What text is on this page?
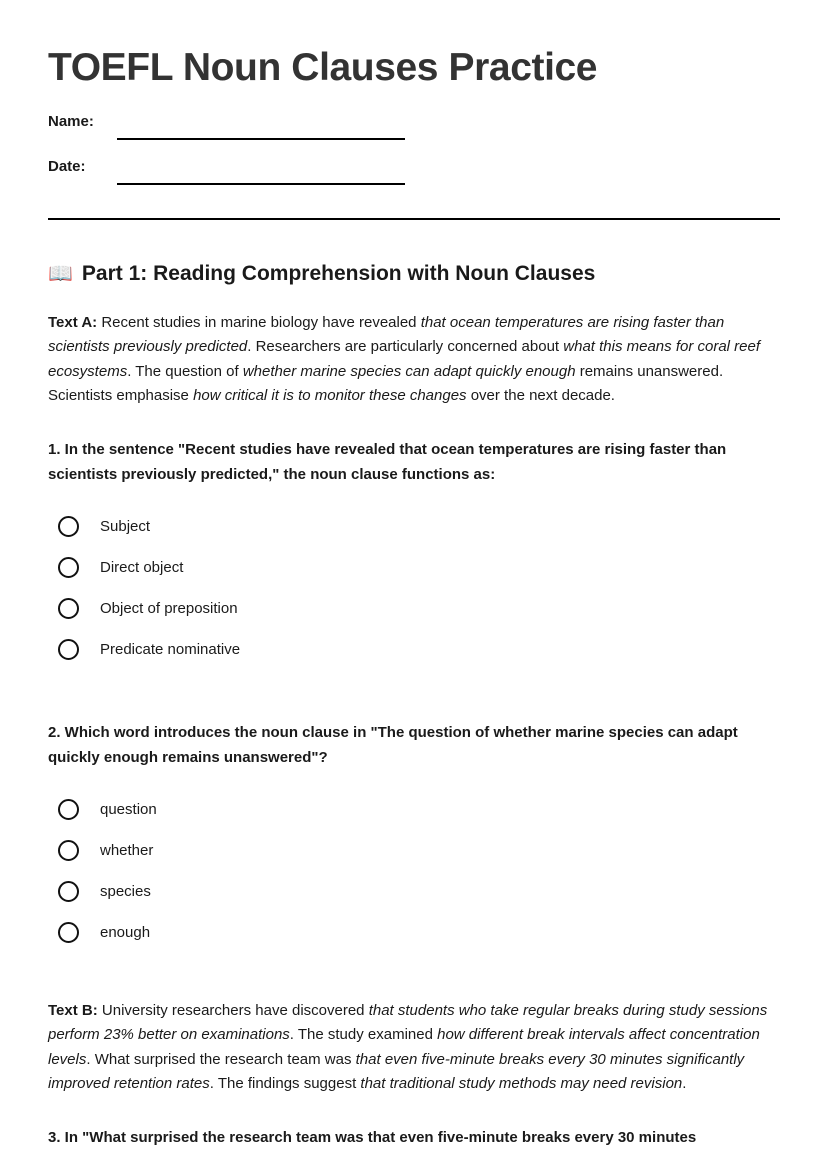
TOEFL Noun Clauses Practice
Name:
Date:
📖 Part 1: Reading Comprehension with Noun Clauses

Text A: Recent studies in marine biology have revealed that ocean temperatures are rising faster than scientists previously predicted. Researchers are particularly concerned about what this means for coral reef ecosystems. The question of whether marine species can adapt quickly enough remains unanswered. Scientists emphasise how critical it is to monitor these changes over the next decade.

1. In the sentence "Recent studies have revealed that ocean temperatures are rising faster than scientists previously predicted," the noun clause functions as:

Subject
Direct object
Object of preposition
Predicate nominative

2. Which word introduces the noun clause in "The question of whether marine species can adapt quickly enough remains unanswered"?

question
whether
species
enough

Text B: University researchers have discovered that students who take regular breaks during study sessions perform 23% better on examinations. The study examined how different break intervals affect concentration levels. What surprised the research team was that even five-minute breaks every 30 minutes significantly improved retention rates. The findings suggest that traditional study methods may need revision.

3. In "What surprised the research team was that even five-minute breaks every 30 minutes
